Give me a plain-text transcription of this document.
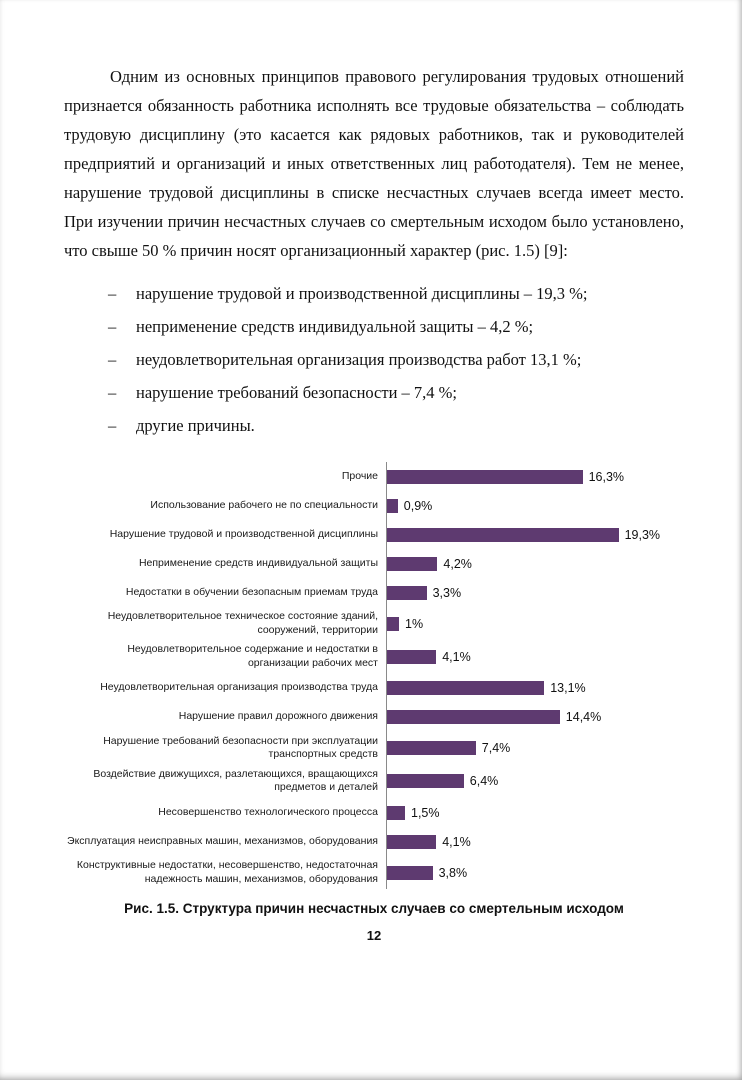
Одним из основных принципов правового регулирования трудовых отношений признается обязанность работника исполнять все трудовые обязательства – соблюдать трудовую дисциплину (это касается как рядовых работников, так и руководителей предприятий и организаций и иных ответственных лиц работодателя). Тем не менее, нарушение трудовой дисциплины в списке несчастных случаев всегда имеет место. При изучении причин несчастных случаев со смертельным исходом было установлено, что свыше 50 % причин носят организационный характер (рис. 1.5) [9]:

–	нарушение трудовой и производственной дисциплины – 19,3 %;
–	неприменение средств индивидуальной защиты – 4,2 %;
–	неудовлетворительная организация производства работ 13,1 %;
–	нарушение требований безопасности – 7,4 %;
–	другие причины.
Прочие	16,3%
Использование рабочего не по специальности	0,9%
Нарушение трудовой и производственной дисциплины	19,3%
Неприменение средств индивидуальной защиты	4,2%
Недостатки в обучении безопасным приемам труда	3,3%
Неудовлетворительное техническое состояние зданий, сооружений, территории	1%
Неудовлетворительное содержание и недостатки в организации рабочих мест	4,1%
Неудовлетворительная организация производства труда	13,1%
Нарушение правил дорожного движения	14,4%
Нарушение требований безопасности при эксплуатации транспортных средств	7,4%
Воздействие движущихся, разлетающихся, вращающихся предметов и деталей	6,4%
Несовершенство технологического процесса	1,5%
Эксплуатация неисправных машин, механизмов, оборудования	4,1%
Конструктивные недостатки, несовершенство, недостаточная надежность машин, механизмов, оборудования	3,8%
Рис. 1.5. Структура причин несчастных случаев со смертельным исходом
12
